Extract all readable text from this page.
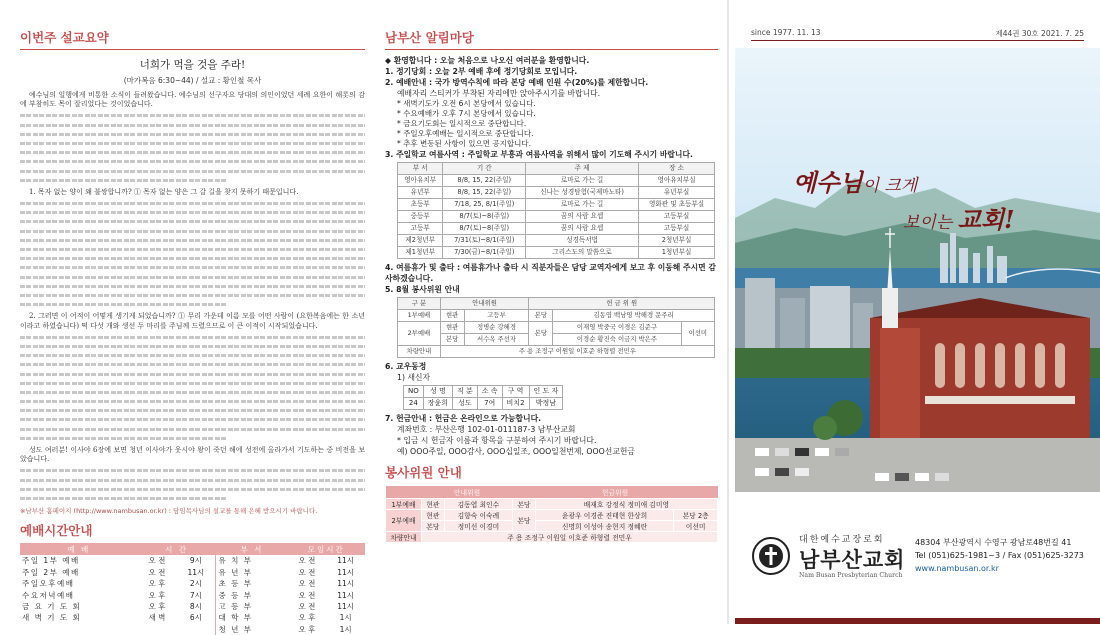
이번주 설교요약
너희가 먹을 것을 주라!
(마가복음 6:30~44) / 설교 : 황인철 목사

예수님의 일행에게 비통한 소식이 들려왔습니다. 예수님의 선구자요 당대의 의인이었던 세례 요한이 해롯의 감에 부참히도 목이 잘리었다는 것이었습니다.

1. 목자 없는 양이 왜 불쌍합니까? ① 목자 없는 양은 그 갈 길을 찾지 못하기 때문입니다.

2. 그러면 이 어적이 어떻게 생기게 되었습니까? ① 무리 가운데 이름 모를 어떤 사람이 (요한복음에는 한 소년이라고 하였습니다) 떡 다섯 개와 생선 두 마리를 주님께 드렸으므로 이 큰 이적이 시작되었습니다.

성도 여러분! 이사야 6장에 보면 청년 이사야가 웃시야 왕이 죽던 해에 성전에 올라가서 기도하는 중 비전을 보았습니다.

※남부산 홈페이지 (http://www.nambusan.or.kr) : 담임목사님의 설교를 통해 은혜 받으시기 바랍니다.
예배시간안내
예 배	시 간		부 서	모임시간	
주일 1부 예배	오 전	9시	유 치 부	오 전	11시
주일 2부 예배	오 전	11시	유 년 부	오 전	11시
주일오후예배	오 후	2시	초 등 부	오 전	11시
수요저녁예배	오 후	7시	중 등 부	오 전	11시
금 요 기 도 회	오 후	8시	고 등 부	오 전	11시
새 벽 기 도 회	새 벽	6시	대 학 부	오 후	1시
			청 년 부	오 후	1시
남부산 알림마당
◆ 환영합니다 : 오늘 처음으로 나오신 여러분을 환영합니다.
1. 정기당회 : 오늘 2부 예배 후에 정기당회로 모입니다.
2. 예배안내 : 국가 방역수칙에 따라 본당 예배 인원 수(20%)를 제한합니다.
예배자리 스티커가 부착된 자리에만 앉아주시기를 바랍니다.
* 새벽기도가 오전 6시 본당에서 있습니다.
* 수요예배가 오후 7시 본당에서 있습니다.
* 금요기도회는 일시적으로 중단합니다.
* 주일오후예배는 일시적으로 중단합니다.
* 추후 변동된 사항이 있으면 공지합니다.
3. 주일학교 여름사역 : 주일학교 부흥과 여름사역을 위해서 많이 기도해 주시기 바랍니다.
부 서	기 간	주 제	장 소
영아유치부	8/8, 15, 22(주일)	로마로 가는 길	영아유치부실
유년부	8/8, 15, 22(주일)	신나는 성경탐험(국제마노타)	유년부실
초등부	7/18, 25, 8/1(주일)	로마로 가는 길	영화관 및 초등부실
중등부	8/7(토)~8(주일)	꿈의 사람 요셉	고등부실
고등부	8/7(토)~8(주일)	꿈의 사람 요셉	고등부실
제2청년부	7/31(토)~8/1(주일)	성경독서법	2청년부실
제1청년부	7/30(금)~8/1(주일)	그리스도의 말씀으로	1청년부실
4. 여름휴가 및 출타 : 여름휴가나 출타 시 직분자들은 담당 교역자에게 보고 후 이동해 주시면 감사하겠습니다.
5. 8월 봉사위원 안내
구 분	안내위원		헌 금 위 원		
1부예배	현관	고등부	본당	김동엽 백남영 박해경 문주리	
2부예배	현관	정병순 강혜경	본당	이재영 박중국 이경은 김준구	이선미
	본당	서수옥 주선자		이경순 황진숙 이금지 박은주	
차량안내	주 용 조정구 이원일 이호준 하형렬 전민우				
6. 교우동정
1) 새신자
NO	성 명	직 분	소 속	구 역	인 도 자
24	장윤희	성도	7여	비치2	박정남
7. 헌금안내 : 헌금은 온라인으로 가능합니다.
계좌번호 : 부산은행 102-01-011187-3 남부산교회
* 입금 시 헌금자 이름과 항목을 구분하여 주시기 바랍니다.
예) OOO주일, OOO감사, OOO십일조, OOO일천번제, OOO선교헌금
봉사위원 안내
	안내위원		헌금위원		
1부예배	현관	김동엽 최인수	본당	배재호 강정식 정미애 김미영	
2부예배	현관	김향숙 이숙례	본당	윤광우 이경준 진태현 한상희	본당 2층
	본당	정미선 이경미		신명희 이성아 송현지 정혜란	이선미
차량안내	주 용 조정구 이원일 이호준 하형렬 전민우				
since 1977. 11. 13	제44권 30호 2021. 7. 25
예수님이 크게
보이는 교회!
대한예수교장로회
남부산교회
Nam Busan Presbyterian Church
48304 부산광역시 수영구 광남로48번길 41
Tel (051)625-1981~3 / Fax (051)625-3273
www.nambusan.or.kr
